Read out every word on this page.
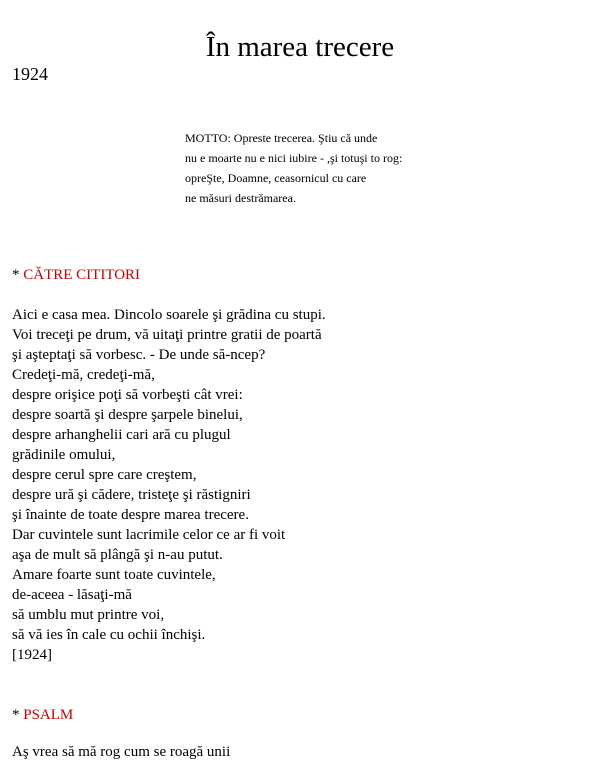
În marea trecere
1924
MOTTO: Opreste trecerea. Ştiu că unde
nu e moarte nu e nici iubire - ,şi totuşi to rog:
opreŞte, Doamne, ceasornicul cu care
ne măsuri destrămarea.
* CĂTRE CITITORI
Aici e casa mea. Dincolo soarele şi grădina cu stupi.
Voi treceţi pe drum, vă uitaţi printre gratii de poartă
şi aşteptaţi să vorbesc. - De unde să-ncep?
Credeţi-mă, credeţi-mă,
despre orişice poţi să vorbeşti cât vrei:
despre soartă şi despre şarpele binelui,
despre arhanghelii cari ară cu plugul
grădinile omului,
despre cerul spre care creştem,
despre ură şi cădere, tristeţe şi răstigniri
şi înainte de toate despre marea trecere.
Dar cuvintele sunt lacrimile celor ce ar fi voit
aşa de mult să plângă şi n-au putut.
Amare foarte sunt toate cuvintele,
de-aceea - lăsaţi-mă
să umblu mut printre voi,
să vă ies în cale cu ochii închişi.
[1924]
* PSALM
Aş vrea să mă rog cum se roagă unii
